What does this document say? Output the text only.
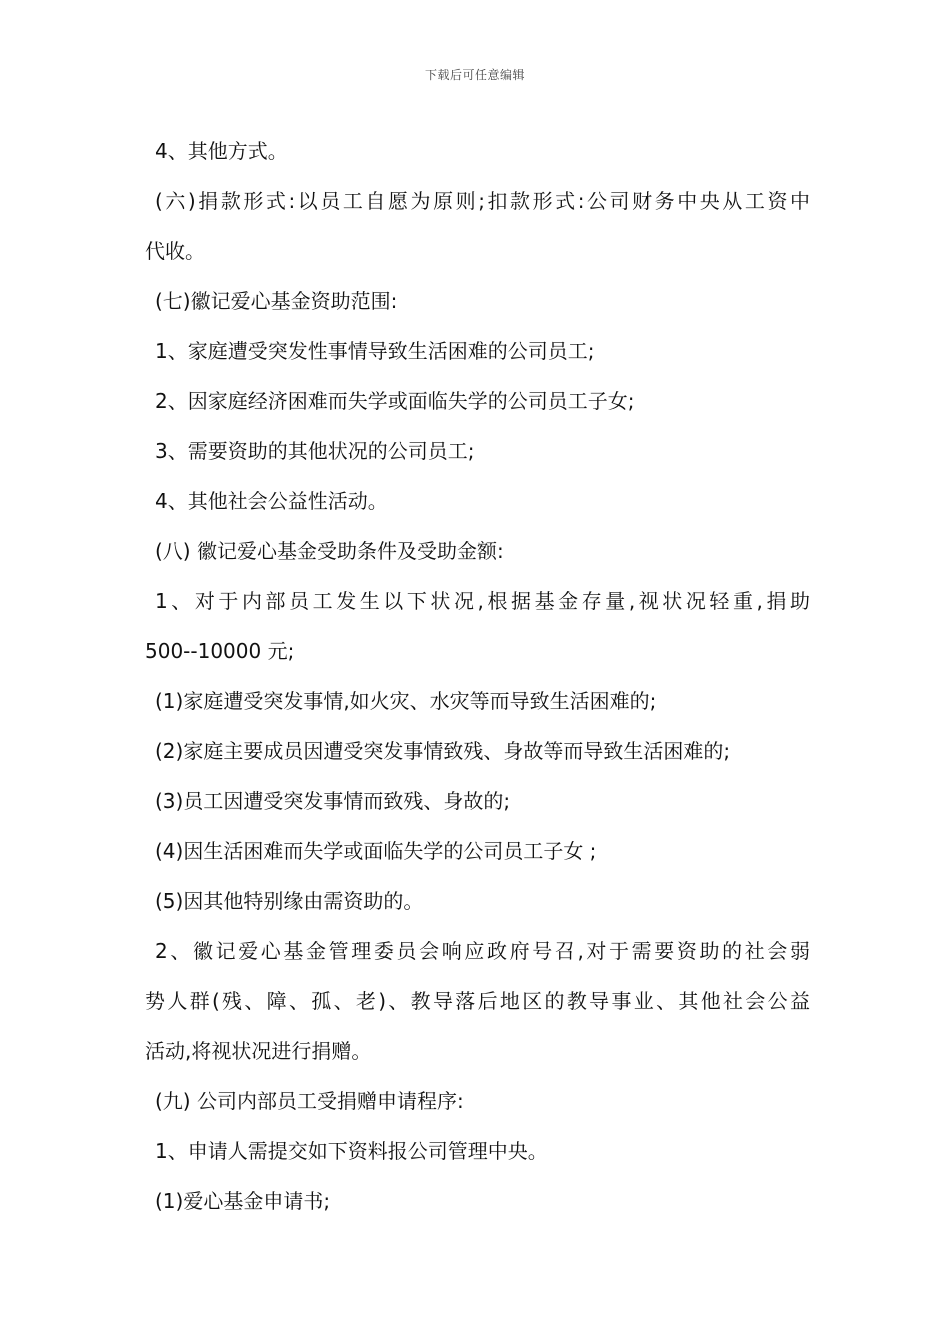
下载后可任意编辑
4、其他方式。
(六)捐款形式:以员工自愿为原则;扣款形式:公司财务中央从工资中
代收。
(七)徽记爱心基金资助范围:
1、家庭遭受突发性事情导致生活困难的公司员工;
2、因家庭经济困难而失学或面临失学的公司员工子女;
3、需要资助的其他状况的公司员工;
4、其他社会公益性活动。
(八) 徽记爱心基金受助条件及受助金额:
1、对于内部员工发生以下状况,根据基金存量,视状况轻重,捐助
500--10000 元;
(1)家庭遭受突发事情,如火灾、水灾等而导致生活困难的;
(2)家庭主要成员因遭受突发事情致残、身故等而导致生活困难的;
(3)员工因遭受突发事情而致残、身故的;
(4)因生活困难而失学或面临失学的公司员工子女 ;
(5)因其他特别缘由需资助的。
2、徽记爱心基金管理委员会响应政府号召,对于需要资助的社会弱
势人群(残、障、孤、老)、教导落后地区的教导事业、其他社会公益
活动,将视状况进行捐赠。
(九) 公司内部员工受捐赠申请程序:
1、申请人需提交如下资料报公司管理中央。
(1)爱心基金申请书;
